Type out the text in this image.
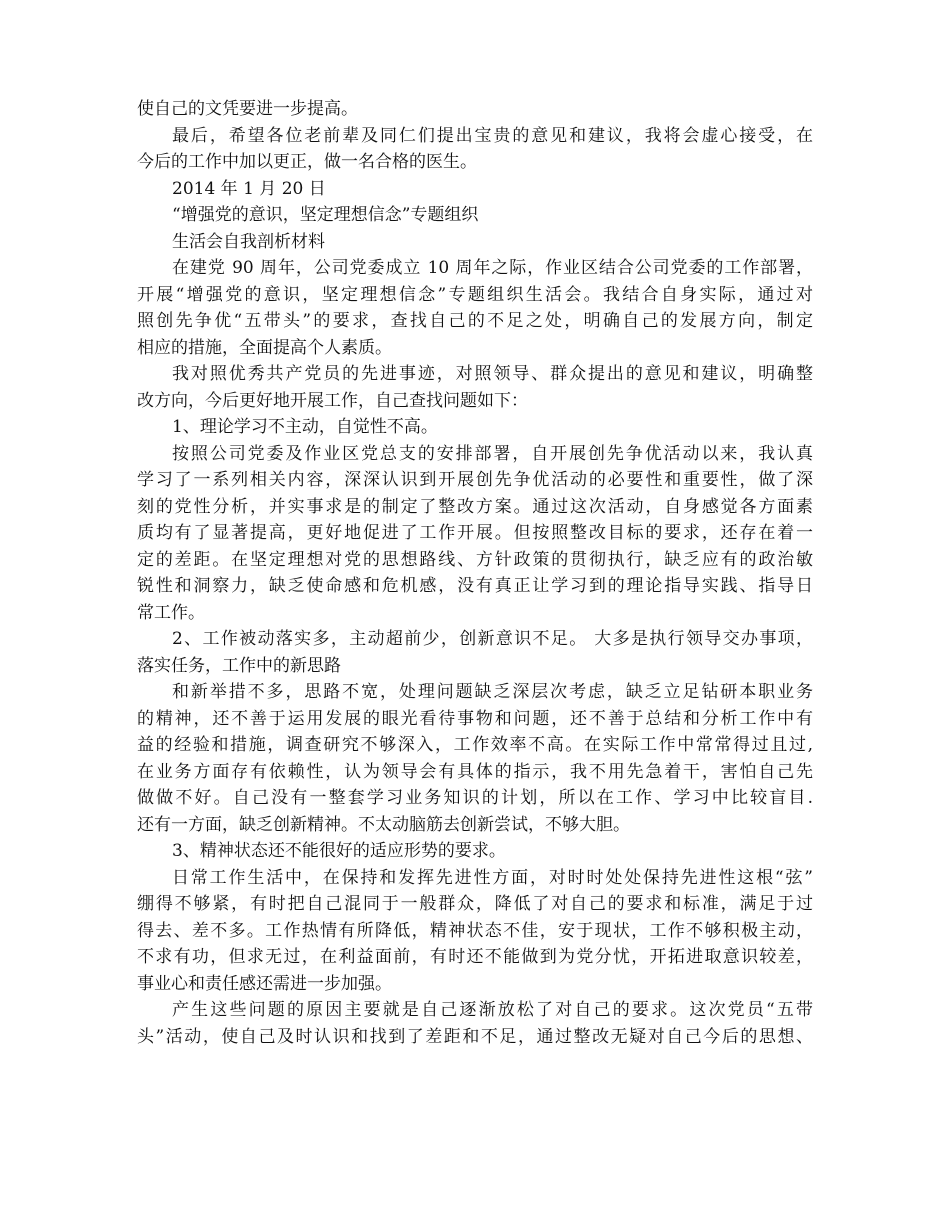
使自己的文凭要进一步提高。
最后，希望各位老前辈及同仁们提出宝贵的意见和建议，我将会虚心接受，在
今后的工作中加以更正，做一名合格的医生。
2014 年 1 月 20 日
“增强党的意识，坚定理想信念”专题组织
生活会自我剖析材料
在建党 90 周年，公司党委成立 10 周年之际，作业区结合公司党委的工作部署，
开展“增强党的意识，坚定理想信念”专题组织生活会。我结合自身实际，通过对
照创先争优“五带头”的要求，查找自己的不足之处，明确自己的发展方向，制定
相应的措施，全面提高个人素质。
我对照优秀共产党员的先进事迹，对照领导、群众提出的意见和建议，明确整
改方向，今后更好地开展工作，自己查找问题如下：
1、理论学习不主动，自觉性不高。
按照公司党委及作业区党总支的安排部署，自开展创先争优活动以来，我认真
学习了一系列相关内容，深深认识到开展创先争优活动的必要性和重要性，做了深
刻的党性分析，并实事求是的制定了整改方案。通过这次活动，自身感觉各方面素
质均有了显著提高，更好地促进了工作开展。但按照整改目标的要求，还存在着一
定的差距。在坚定理想对党的思想路线、方针政策的贯彻执行，缺乏应有的政治敏
锐性和洞察力，缺乏使命感和危机感，没有真正让学习到的理论指导实践、指导日
常工作。
2、工作被动落实多，主动超前少，创新意识不足。 大多是执行领导交办事项，
落实任务，工作中的新思路
和新举措不多，思路不宽，处理问题缺乏深层次考虑，缺乏立足钻研本职业务
的精神，还不善于运用发展的眼光看待事物和问题，还不善于总结和分析工作中有
益的经验和措施，调查研究不够深入，工作效率不高。在实际工作中常常得过且过,
在业务方面存有依赖性，认为领导会有具体的指示，我不用先急着干，害怕自己先
做做不好。自己没有一整套学习业务知识的计划，所以在工作、学习中比较盲目.
还有一方面，缺乏创新精神。不太动脑筋去创新尝试，不够大胆。
3、精神状态还不能很好的适应形势的要求。
日常工作生活中，在保持和发挥先进性方面，对时时处处保持先进性这根“弦”
绷得不够紧，有时把自己混同于一般群众，降低了对自己的要求和标准，满足于过
得去、差不多。工作热情有所降低，精神状态不佳，安于现状，工作不够积极主动，
不求有功，但求无过，在利益面前，有时还不能做到为党分忧，开拓进取意识较差，
事业心和责任感还需进一步加强。
产生这些问题的原因主要就是自己逐渐放松了对自己的要求。这次党员“五带
头”活动，使自己及时认识和找到了差距和不足，通过整改无疑对自己今后的思想、
